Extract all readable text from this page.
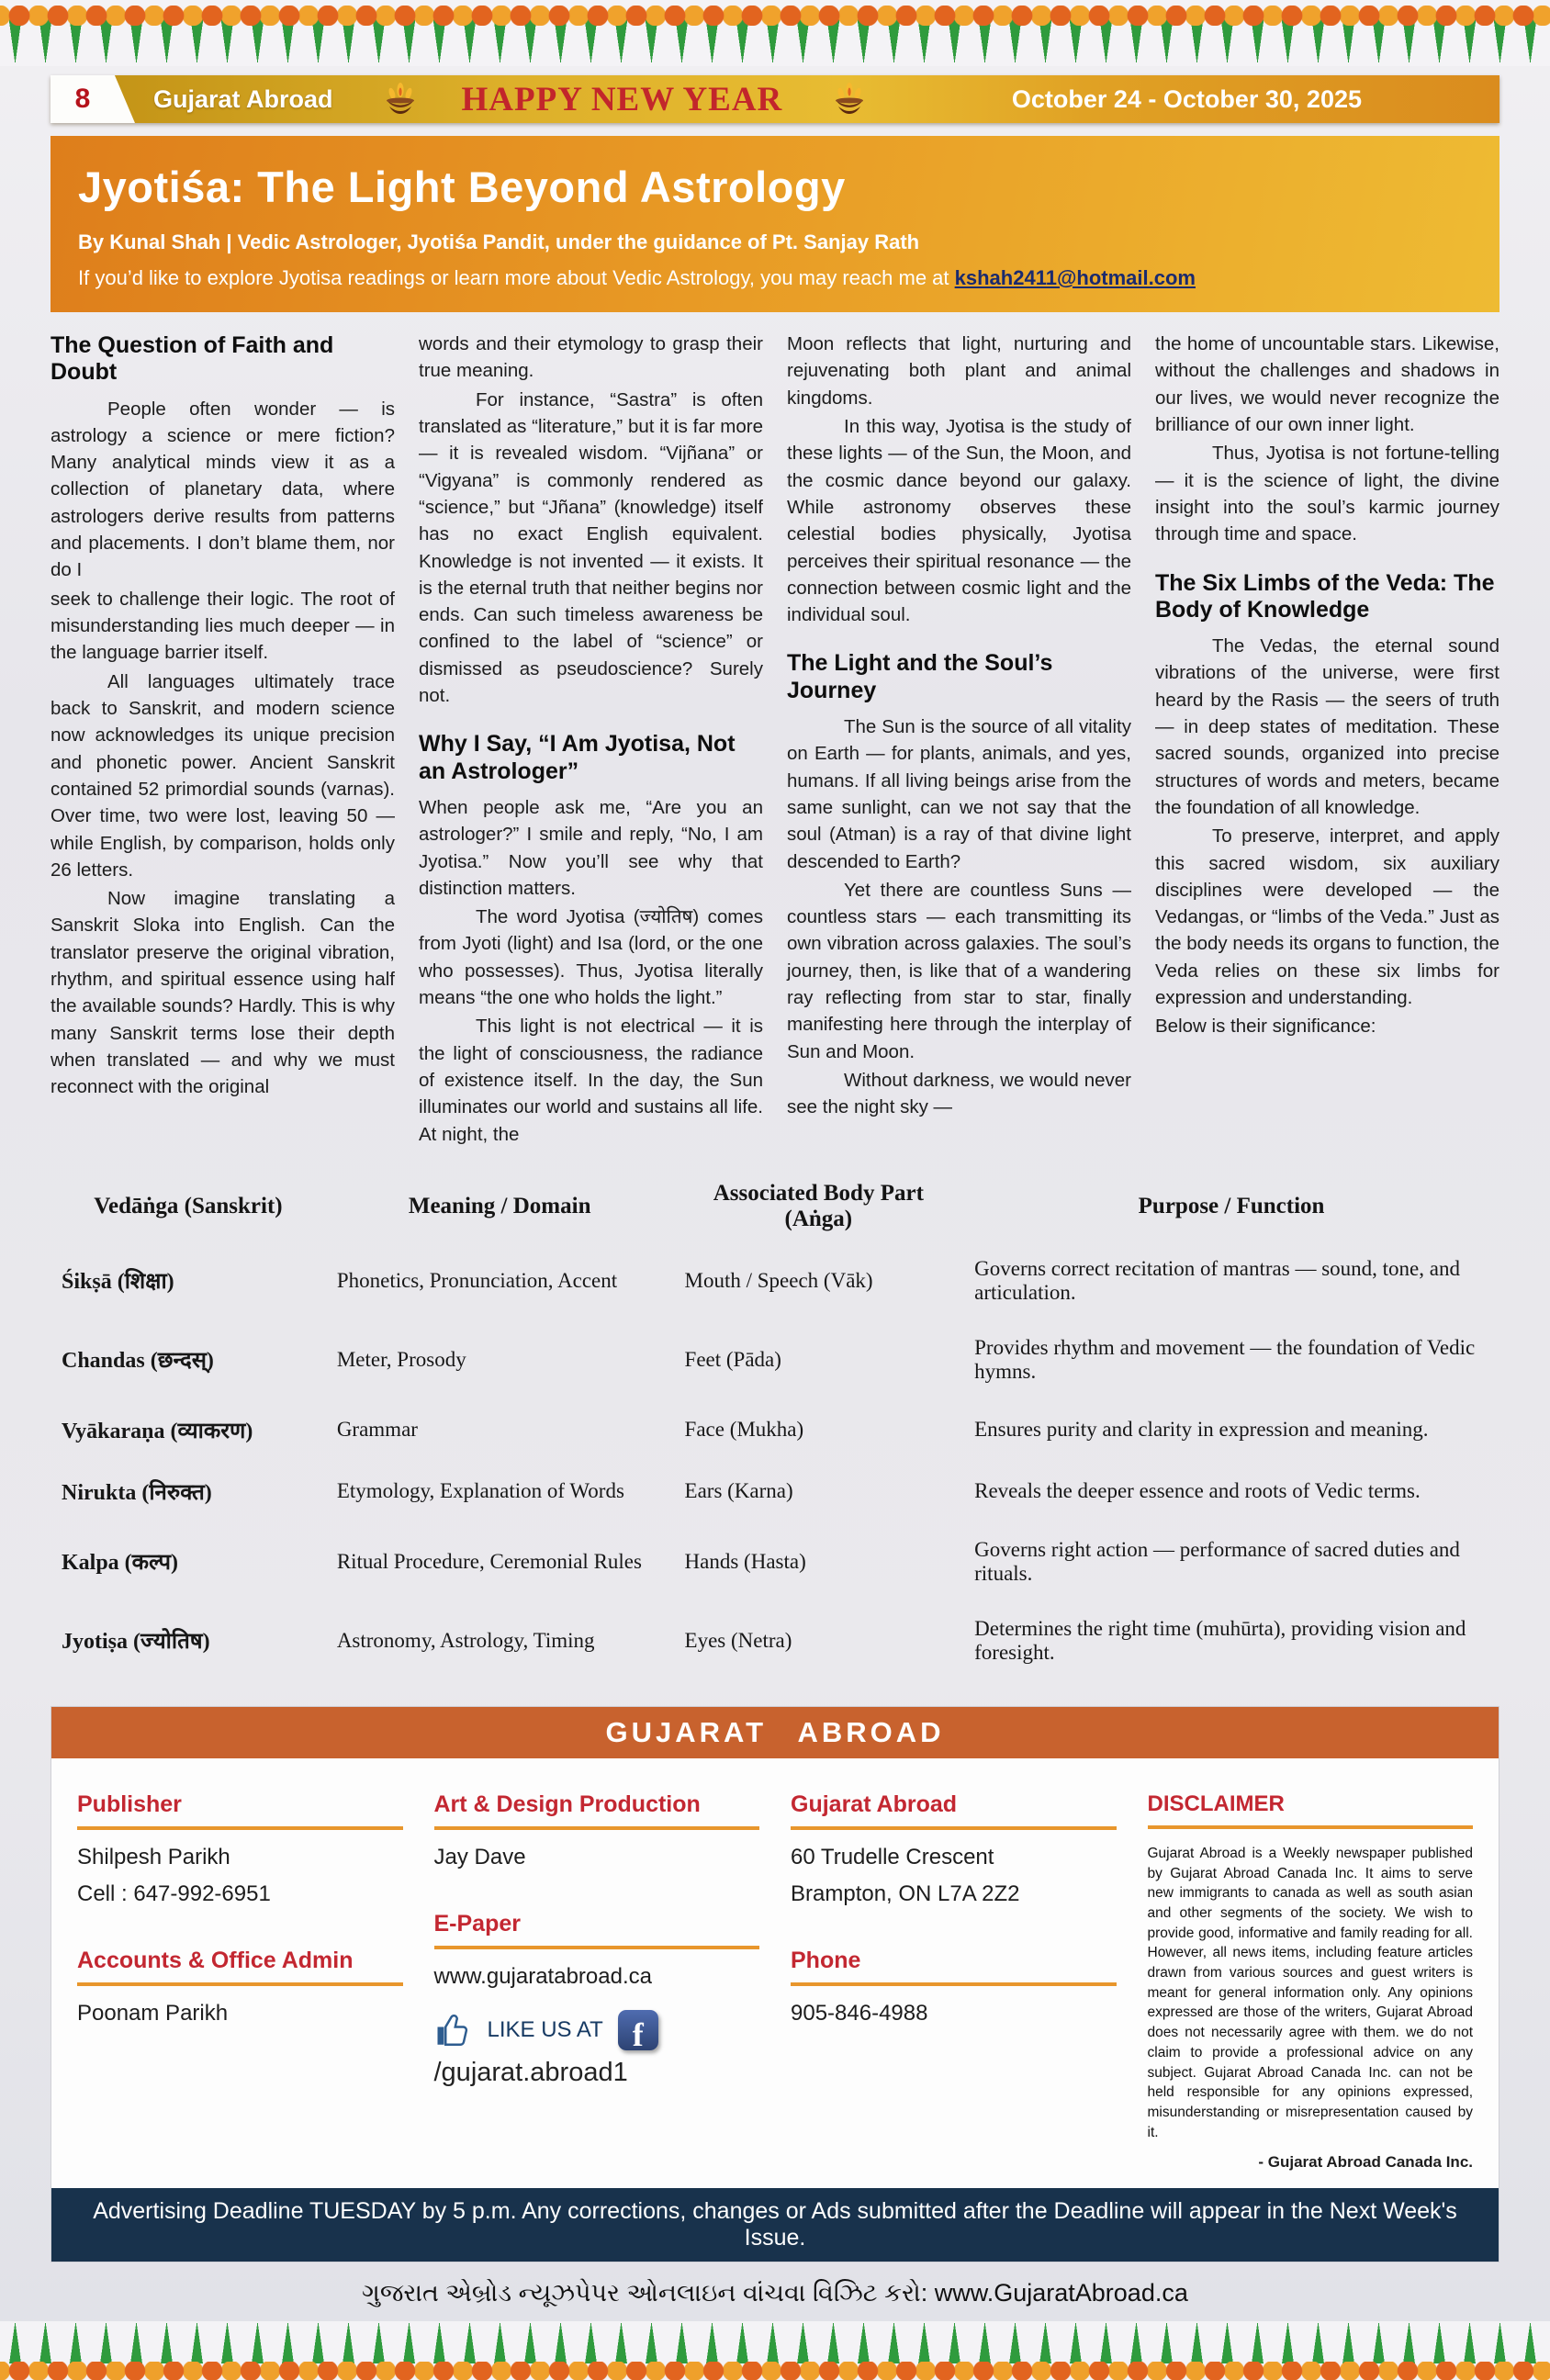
8	Gujarat Abroad	HAPPY NEW YEAR	October 24 - October 30, 2025
Jyotiśa: The Light Beyond Astrology
By Kunal Shah | Vedic Astrologer, Jyotiśa Pandit, under the guidance of Pt. Sanjay Rath
If you’d like to explore Jyotisa readings or learn more about Vedic Astrology, you may reach me at kshah2411@hotmail.com
The Question of Faith and Doubt

People often wonder — is astrology a science or mere fiction? Many analytical minds view it as a collection of planetary data, where astrologers derive results from patterns and placements. I don’t blame them, nor do I

seek to challenge their logic. The root of misunderstanding lies much deeper — in the language barrier itself.

All languages ultimately trace back to Sanskrit, and modern science now acknowledges its unique precision and phonetic power. Ancient Sanskrit contained 52 primordial sounds (varnas). Over time, two were lost, leaving 50 — while English, by comparison, holds only 26 letters.

Now imagine translating a Sanskrit Sloka into English. Can the translator preserve the original vibration, rhythm, and spiritual essence using half the available sounds? Hardly. This is why many Sanskrit terms lose their depth when translated — and why we must reconnect with the original

words and their etymology to grasp their true meaning.

For instance, “Sastra” is often translated as “literature,” but it is far more — it is revealed wisdom. “Vijñana” or “Vigyana” is commonly rendered as “science,” but “Jñana” (knowledge) itself has no exact English equivalent. Knowledge is not invented — it exists. It is the eternal truth that neither begins nor ends. Can such timeless awareness be confined to the label of “science” or dismissed as pseudoscience? Surely not.

Why I Say, “I Am Jyotisa, Not an Astrologer”

When people ask me, “Are you an astrologer?” I smile and reply, “No, I am Jyotisa.” Now you’ll see why that distinction matters.

The word Jyotisa (ज्योतिष) comes from Jyoti (light) and Isa (lord, or the one who possesses). Thus, Jyotisa literally means “the one who holds the light.”

This light is not electrical — it is the light of consciousness, the radiance of existence itself. In the day, the Sun illuminates our world and sustains all life. At night, the

Moon reflects that light, nurturing and rejuvenating both plant and animal kingdoms.

In this way, Jyotisa is the study of these lights — of the Sun, the Moon, and the cosmic dance beyond our galaxy. While astronomy observes these celestial bodies physically, Jyotisa perceives their spiritual resonance — the connection between cosmic light and the individual soul.

The Light and the Soul’s Journey

The Sun is the source of all vitality on Earth — for plants, animals, and yes, humans. If all living beings arise from the same sunlight, can we not say that the soul (Atman) is a ray of that divine light descended to Earth?

Yet there are countless Suns — countless stars — each transmitting its own vibration across galaxies. The soul’s journey, then, is like that of a wandering ray reflecting from star to star, finally manifesting here through the interplay of Sun and Moon.

Without darkness, we would never see the night sky —

the home of uncountable stars. Likewise, without the challenges and shadows in our lives, we would never recognize the brilliance of our own inner light.

Thus, Jyotisa is not fortune-telling — it is the science of light, the divine insight into the soul’s karmic journey through time and space.

The Six Limbs of the Veda: The Body of Knowledge

The Vedas, the eternal sound vibrations of the universe, were first heard by the Rasis — the seers of truth — in deep states of meditation. These sacred sounds, organized into precise structures of words and meters, became the foundation of all knowledge.

To preserve, interpret, and apply this sacred wisdom, six auxiliary disciplines were developed — the Vedangas, or “limbs of the Veda.” Just as the body needs its organs to function, the Veda relies on these six limbs for expression and understanding.

Below is their significance:

Vedāṅga (Sanskrit)	Meaning / Domain	Associated Body Part (Aṅga)	Purpose / Function
Śikṣā (शिक्षा)	Phonetics, Pronunciation, Accent	Mouth / Speech (Vāk)	Governs correct recitation of mantras — sound, tone, and articulation.
Chandas (छन्दस्)	Meter, Prosody	Feet (Pāda)	Provides rhythm and movement — the foundation of Vedic hymns.
Vyākaraṇa (व्याकरण)	Grammar	Face (Mukha)	Ensures purity and clarity in expression and meaning.
Nirukta (निरुक्त)	Etymology, Explanation of Words	Ears (Karna)	Reveals the deeper essence and roots of Vedic terms.
Kalpa (कल्प)	Ritual Procedure, Ceremonial Rules	Hands (Hasta)	Governs right action — performance of sacred duties and rituals.
Jyotiṣa (ज्योतिष)	Astronomy, Astrology, Timing	Eyes (Netra)	Determines the right time (muhūrta), providing vision and foresight.
GUJARAT ABROAD
Publisher
Shilpesh Parikh
Cell : 647-992-6951
Accounts & Office Admin
Poonam Parikh
Art & Design Production
Jay Dave
E-Paper
www.gujaratabroad.ca
LIKE US AT f
/gujarat.abroad1
Gujarat Abroad
60 Trudelle Crescent
Brampton, ON L7A 2Z2
Phone
905-846-4988
DISCLAIMER

Gujarat Abroad is a Weekly newspaper published by Gujarat Abroad Canada Inc. It aims to serve new immigrants to canada as well as south asian and other segments of the society. We wish to provide good, informative and family reading for all. However, all news items, including feature articles drawn from various sources and guest writers is meant for general information only. Any opinions expressed are those of the writers, Gujarat Abroad does not necessarily agree with them. we do not claim to provide a professional advice on any subject. Gujarat Abroad Canada Inc. can not be held responsible for any opinions expressed, misunderstanding or misrepresentation caused by it.

- Gujarat Abroad Canada Inc.
Advertising Deadline TUESDAY by 5 p.m. Any corrections, changes or Ads submitted after the Deadline will appear in the Next Week's Issue.
ગુજરાત એબ્રોડ ન્યૂઝપેપર ઓનલાઇન વાંચવા વિઝિટ કરો: www.GujaratAbroad.ca
